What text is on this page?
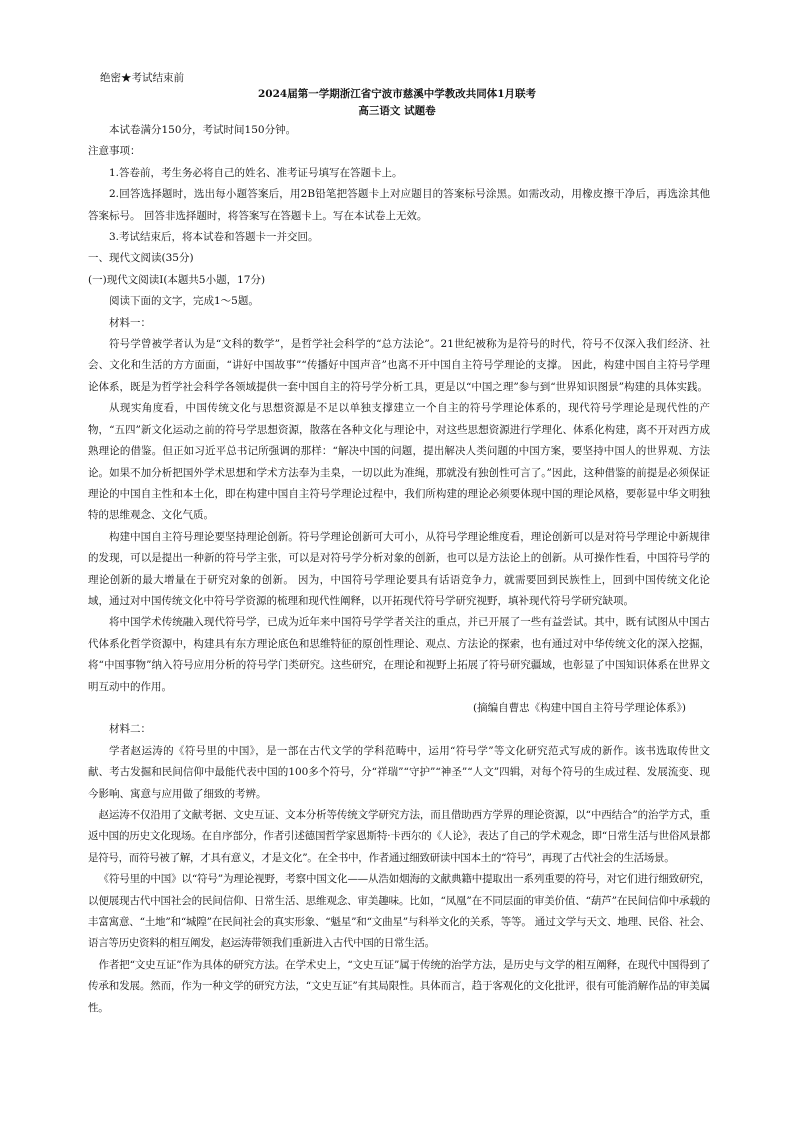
绝密★考试结束前
2024届第一学期浙江省宁波市慈溪中学教改共同体1月联考
高三语文 试题卷

本试卷满分150分，考试时间150分钟。

注意事项：

1.答卷前，考生务必将自己的姓名、准考证号填写在答题卡上。

2.回答选择题时，选出每小题答案后，用2B铅笔把答题卡上对应题目的答案标号涂黑。如需改动，用橡皮擦干净后，再选涂其他答案标号。 回答非选择题时，将答案写在答题卡上。写在本试卷上无效。

3.考试结束后，将本试卷和答题卡一并交回。

一、现代文阅读(35分)

(一)现代文阅读Ⅰ(本题共5小题，17分)

阅读下面的文字，完成1～5题。

材料一：

符号学曾被学者认为是“文科的数学”，是哲学社会科学的“总方法论”。21世纪被称为是符号的时代，符号不仅深入我们经济、社会、文化和生活的方方面面，“讲好中国故事”“传播好中国声音”也离不开中国自主符号学理论的支撑。 因此，构建中国自主符号学理论体系，既是为哲学社会科学各领域提供一套中国自主的符号学分析工具，更是以“中国之理”参与到“世界知识图景”构建的具体实践。

从现实角度看，中国传统文化与思想资源是不足以单独支撑建立一个自主的符号学理论体系的，现代符号学理论是现代性的产物，“五四”新文化运动之前的符号学思想资源，散落在各种文化与理论中，对这些思想资源进行学理化、体系化构建，离不开对西方成熟理论的借鉴。但正如习近平总书记所强调的那样：“解决中国的问题，提出解决人类问题的中国方案，要坚持中国人的世界观、方法论。如果不加分析把国外学术思想和学术方法奉为圭臬，一切以此为准绳，那就没有独创性可言了。”因此，这种借鉴的前提是必须保证理论的中国自主性和本土化，即在构建中国自主符号学理论过程中，我们所构建的理论必须要体现中国的理论风格，要彰显中华文明独特的思维观念、文化气质。

构建中国自主符号理论要坚持理论创新。符号学理论创新可大可小，从符号学理论维度看，理论创新可以是对符号学理论中新规律的发现，可以是提出一种新的符号学主张，可以是对符号学分析对象的创新，也可以是方法论上的创新。从可操作性看，中国符号学的理论创新的最大增量在于研究对象的创新。 因为，中国符号学理论要具有话语竞争力，就需要回到民族性上，回到中国传统文化论域，通过对中国传统文化中符号学资源的梳理和现代性阐释，以开拓现代符号学研究视野，填补现代符号学研究缺项。

将中国学术传统融入现代符号学，已成为近年来中国符号学学者关注的重点，并已开展了一些有益尝试。其中，既有试图从中国古代体系化哲学资源中，构建具有东方理论底色和思维特征的原创性理论、观点、方法论的探索，也有通过对中华传统文化的深入挖掘，将“中国事物”纳入符号应用分析的符号学门类研究。这些研究，在理论和视野上拓展了符号研究疆域，也彰显了中国知识体系在世界文明互动中的作用。

(摘编自曹忠《构建中国自主符号学理论体系》)

材料二：

学者赵运涛的《符号里的中国》，是一部在古代文学的学科范畴中，运用“符号学”等文化研究范式写成的新作。该书选取传世文献、考古发掘和民间信仰中最能代表中国的100多个符号，分“祥瑞”“守护”“神圣”“人文”四辑，对每个符号的生成过程、发展流变、现今影响、寓意与应用做了细致的考辨。

赵运涛不仅沿用了文献考据、文史互证、文本分析等传统文学研究方法，而且借助西方学界的理论资源，以“中西结合”的治学方式，重返中国的历史文化现场。在自序部分，作者引述德国哲学家恩斯特·卡西尔的《人论》，表达了自己的学术观念，即“日常生活与世俗风景都是符号，而符号被了解，才具有意义，才是文化”。在全书中，作者通过细致研读中国本土的“符号”，再现了古代社会的生活场景。

《符号里的中国》以“符号”为理论视野，考察中国文化——从浩如烟海的文献典籍中提取出一系列重要的符号，对它们进行细致研究，以便展现古代中国社会的民间信仰、日常生活、思维观念、审美趣味。比如，“凤凰”在不同层面的审美价值、“葫芦”在民间信仰中承载的丰富寓意、“土地”和“城隍”在民间社会的真实形象、“魁星”和“文曲星”与科举文化的关系，等等。 通过文学与天文、地理、民俗、社会、语言等历史资料的相互阐发，赵运涛带领我们重新进入古代中国的日常生活。

作者把“文史互证”作为具体的研究方法。在学术史上，“文史互证”属于传统的治学方法，是历史与文学的相互阐释，在现代中国得到了传承和发展。然而，作为一种文学的研究方法，“文史互证”有其局限性。具体而言，趋于客观化的文化批评，很有可能消解作品的审美属性。
